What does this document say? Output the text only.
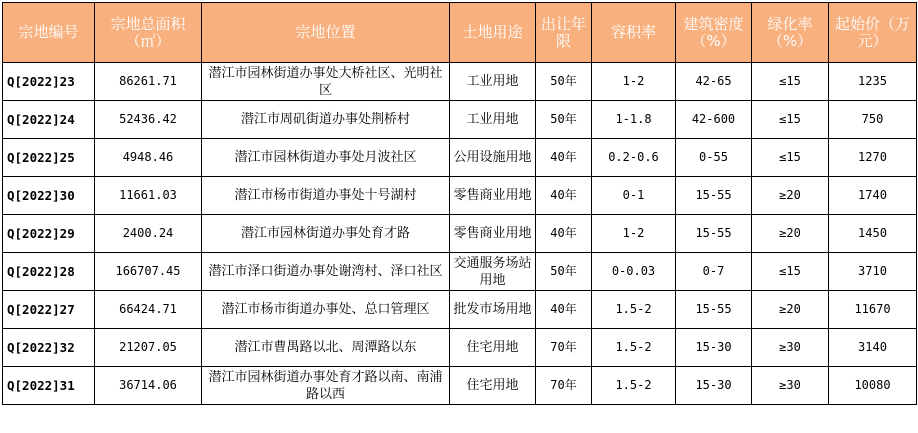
宗地编号	宗地总面积（㎡）	宗地位置	土地用途	出让年限	容积率	建筑密度（%）	绿化率（%）	起始价（万元）
Q[2022]23	86261.71	潜江市园林街道办事处大桥社区、光明社区	工业用地	50年	1-2	42-65	≤15	1235
Q[2022]24	52436.42	潜江市周矶街道办事处荆桥村	工业用地	50年	1-1.8	42-600	≤15	750
Q[2022]25	4948.46	潜江市园林街道办事处月波社区	公用设施用地	40年	0.2-0.6	0-55	≤15	1270
Q[2022]30	11661.03	潜江市杨市街道办事处十号湖村	零售商业用地	40年	0-1	15-55	≥20	1740
Q[2022]29	2400.24	潜江市园林街道办事处育才路	零售商业用地	40年	1-2	15-55	≥20	1450
Q[2022]28	166707.45	潜江市泽口街道办事处谢湾村、泽口社区	交通服务场站用地	50年	0-0.03	0-7	≤15	3710
Q[2022]27	66424.71	潜江市杨市街道办事处、总口管理区	批发市场用地	40年	1.5-2	15-55	≥20	11670
Q[2022]32	21207.05	潜江市曹禺路以北、周潭路以东	住宅用地	70年	1.5-2	15-30	≥30	3140
Q[2022]31	36714.06	潜江市园林街道办事处育才路以南、南浦路以西	住宅用地	70年	1.5-2	15-30	≥30	10080
